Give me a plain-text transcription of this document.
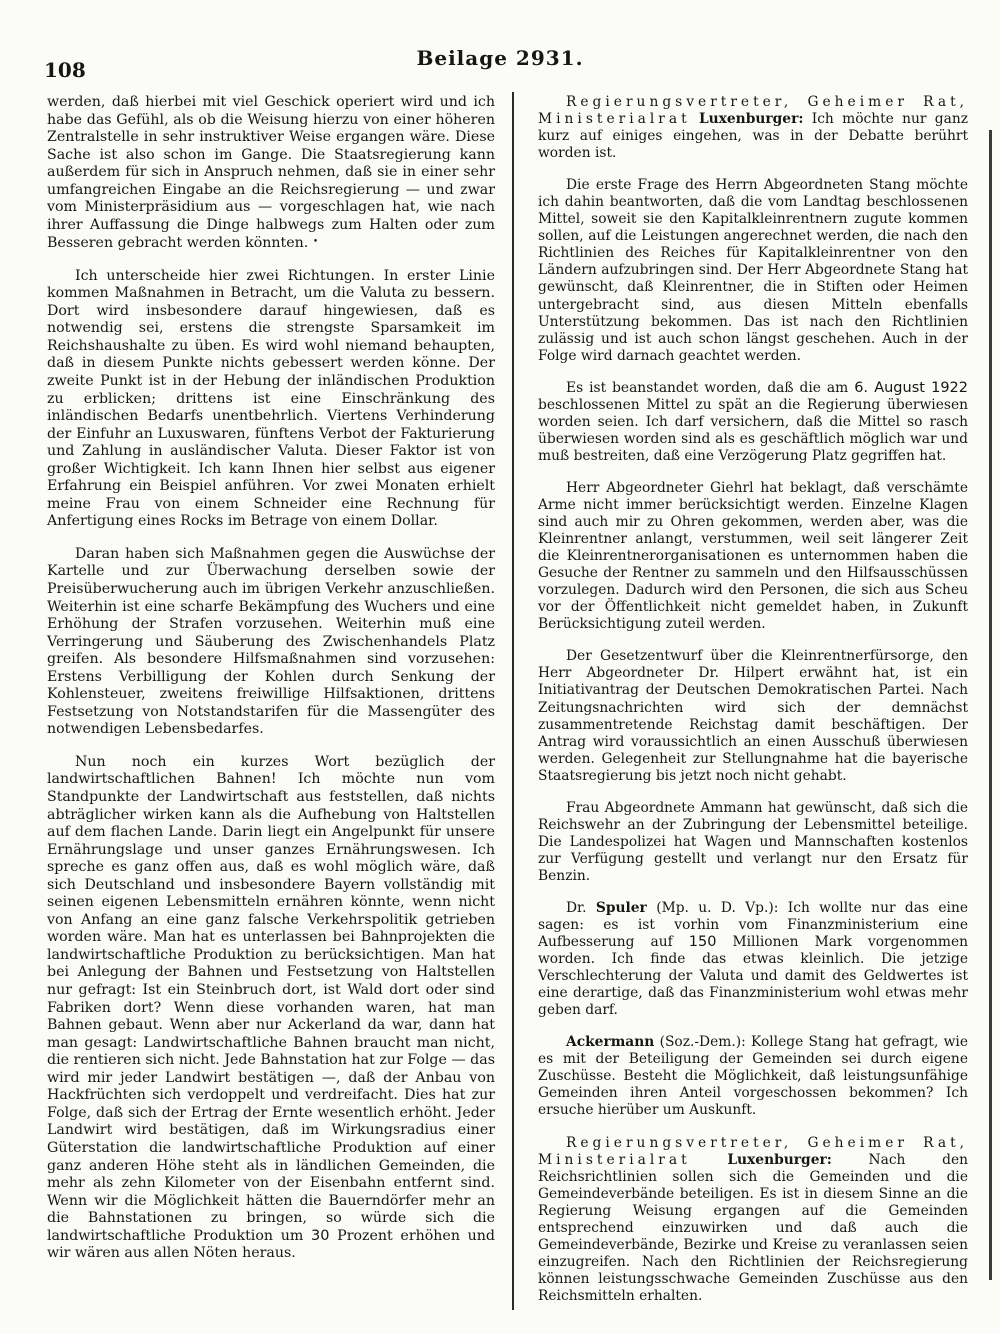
108	Beilage 2931.

werden, daß hierbei mit viel Geschick operiert wird und ich habe das Gefühl, als ob die Weisung hierzu von einer höheren Zentralstelle in sehr instruktiver Weise ergangen wäre. Diese Sache ist also schon im Gange. Die Staatsregierung kann außerdem für sich in Anspruch nehmen, daß sie in einer sehr umfangreichen Eingabe an die Reichsregierung — und zwar vom Ministerpräsidium aus — vorgeschlagen hat, wie nach ihrer Auffassung die Dinge halbwegs zum Halten oder zum Besseren gebracht werden könnten. •

Ich unterscheide hier zwei Richtungen. In erster Linie kommen Maßnahmen in Betracht, um die Valuta zu bessern. Dort wird insbesondere darauf hingewiesen, daß es notwendig sei, erstens die strengste Sparsamkeit im Reichshaushalte zu üben. Es wird wohl niemand behaupten, daß in diesem Punkte nichts gebessert werden könne. Der zweite Punkt ist in der Hebung der inländischen Produktion zu erblicken; drittens ist eine Einschränkung des inländischen Bedarfs unentbehrlich. Viertens Verhinderung der Einfuhr an Luxuswaren, fünftens Verbot der Fakturierung und Zahlung in ausländischer Valuta. Dieser Faktor ist von großer Wichtigkeit. Ich kann Ihnen hier selbst aus eigener Erfahrung ein Beispiel anführen. Vor zwei Monaten erhielt meine Frau von einem Schneider eine Rechnung für Anfertigung eines Rocks im Betrage von einem Dollar.

Daran haben sich Maßnahmen gegen die Auswüchse der Kartelle und zur Überwachung derselben sowie der Preisüberwucherung auch im übrigen Verkehr anzuschließen. Weiterhin ist eine scharfe Bekämpfung des Wuchers und eine Erhöhung der Strafen vorzusehen. Weiterhin muß eine Verringerung und Säuberung des Zwischenhandels Platz greifen. Als besondere Hilfsmaßnahmen sind vorzusehen: Erstens Verbilligung der Kohlen durch Senkung der Kohlensteuer, zweitens freiwillige Hilfsaktionen, drittens Festsetzung von Notstandstarifen für die Massengüter des notwendigen Lebensbedarfes.

Nun noch ein kurzes Wort bezüglich der landwirtschaftlichen Bahnen! Ich möchte nun vom Standpunkte der Landwirtschaft aus feststellen, daß nichts abträglicher wirken kann als die Aufhebung von Haltstellen auf dem flachen Lande. Darin liegt ein Angelpunkt für unsere Ernährungslage und unser ganzes Ernährungswesen. Ich spreche es ganz offen aus, daß es wohl möglich wäre, daß sich Deutschland und insbesondere Bayern vollständig mit seinen eigenen Lebensmitteln ernähren könnte, wenn nicht von Anfang an eine ganz falsche Verkehrspolitik getrieben worden wäre. Man hat es unterlassen bei Bahnprojekten die landwirtschaftliche Produktion zu berücksichtigen. Man hat bei Anlegung der Bahnen und Festsetzung von Haltstellen nur gefragt: Ist ein Steinbruch dort, ist Wald dort oder sind Fabriken dort? Wenn diese vorhanden waren, hat man Bahnen gebaut. Wenn aber nur Ackerland da war, dann hat man gesagt: Landwirtschaftliche Bahnen braucht man nicht, die rentieren sich nicht. Jede Bahnstation hat zur Folge — das wird mir jeder Landwirt bestätigen —, daß der Anbau von Hackfrüchten sich verdoppelt und verdreifacht. Dies hat zur Folge, daß sich der Ertrag der Ernte wesentlich erhöht. Jeder Landwirt wird bestätigen, daß im Wirkungsradius einer Güterstation die landwirtschaftliche Produktion auf einer ganz anderen Höhe steht als in ländlichen Gemeinden, die mehr als zehn Kilometer von der Eisenbahn entfernt sind. Wenn wir die Möglichkeit hätten die Bauerndörfer mehr an die Bahnstationen zu bringen, so würde sich die landwirtschaftliche Produktion um 30 Prozent erhöhen und wir wären aus allen Nöten heraus.

Regierungsvertreter, Geheimer Rat, Ministerialrat Luxenburger: Ich möchte nur ganz kurz auf einiges eingehen, was in der Debatte berührt worden ist.

Die erste Frage des Herrn Abgeordneten Stang möchte ich dahin beantworten, daß die vom Landtag beschlossenen Mittel, soweit sie den Kapitalkleinrentnern zugute kommen sollen, auf die Leistungen angerechnet werden, die nach den Richtlinien des Reiches für Kapitalkleinrentner von den Ländern aufzubringen sind. Der Herr Abgeordnete Stang hat gewünscht, daß Kleinrentner, die in Stiften oder Heimen untergebracht sind, aus diesen Mitteln ebenfalls Unterstützung bekommen. Das ist nach den Richtlinien zulässig und ist auch schon längst geschehen. Auch in der Folge wird darnach geachtet werden.

Es ist beanstandet worden, daß die am 6. August 1922 beschlossenen Mittel zu spät an die Regierung überwiesen worden seien. Ich darf versichern, daß die Mittel so rasch überwiesen worden sind als es geschäftlich möglich war und muß bestreiten, daß eine Verzögerung Platz gegriffen hat.

Herr Abgeordneter Giehrl hat beklagt, daß verschämte Arme nicht immer berücksichtigt werden. Einzelne Klagen sind auch mir zu Ohren gekommen, werden aber, was die Kleinrentner anlangt, verstummen, weil seit längerer Zeit die Kleinrentnerorganisationen es unternommen haben die Gesuche der Rentner zu sammeln und den Hilfsausschüssen vorzulegen. Dadurch wird den Personen, die sich aus Scheu vor der Öffentlichkeit nicht gemeldet haben, in Zukunft Berücksichtigung zuteil werden.

Der Gesetzentwurf über die Kleinrentnerfürsorge, den Herr Abgeordneter Dr. Hilpert erwähnt hat, ist ein Initiativantrag der Deutschen Demokratischen Partei. Nach Zeitungsnachrichten wird sich der demnächst zusammentretende Reichstag damit beschäftigen. Der Antrag wird voraussichtlich an einen Ausschuß überwiesen werden. Gelegenheit zur Stellungnahme hat die bayerische Staatsregierung bis jetzt noch nicht gehabt.

Frau Abgeordnete Ammann hat gewünscht, daß sich die Reichswehr an der Zubringung der Lebensmittel beteilige. Die Landespolizei hat Wagen und Mannschaften kostenlos zur Verfügung gestellt und verlangt nur den Ersatz für Benzin.

Dr. Spuler (Mp. u. D. Vp.): Ich wollte nur das eine sagen: es ist vorhin vom Finanzministerium eine Aufbesserung auf 150 Millionen Mark vorgenommen worden. Ich finde das etwas kleinlich. Die jetzige Verschlechterung der Valuta und damit des Geldwertes ist eine derartige, daß das Finanzministerium wohl etwas mehr geben darf.

Ackermann (Soz.-Dem.): Kollege Stang hat gefragt, wie es mit der Beteiligung der Gemeinden sei durch eigene Zuschüsse. Besteht die Möglichkeit, daß leistungsunfähige Gemeinden ihren Anteil vorgeschossen bekommen? Ich ersuche hierüber um Auskunft.

Regierungsvertreter, Geheimer Rat, Ministerialrat	Luxenburger:	Nach den Reichsrichtlinien sollen sich die Gemeinden und die Gemeindeverbände beteiligen. Es ist in diesem Sinne an die Regierung Weisung ergangen auf die Gemeinden entsprechend einzuwirken und daß auch die Gemeindeverbände, Bezirke und Kreise zu veranlassen seien einzugreifen. Nach den Richtlinien der Reichsregierung können leistungsschwache Gemeinden Zuschüsse aus den Reichsmitteln erhalten.
